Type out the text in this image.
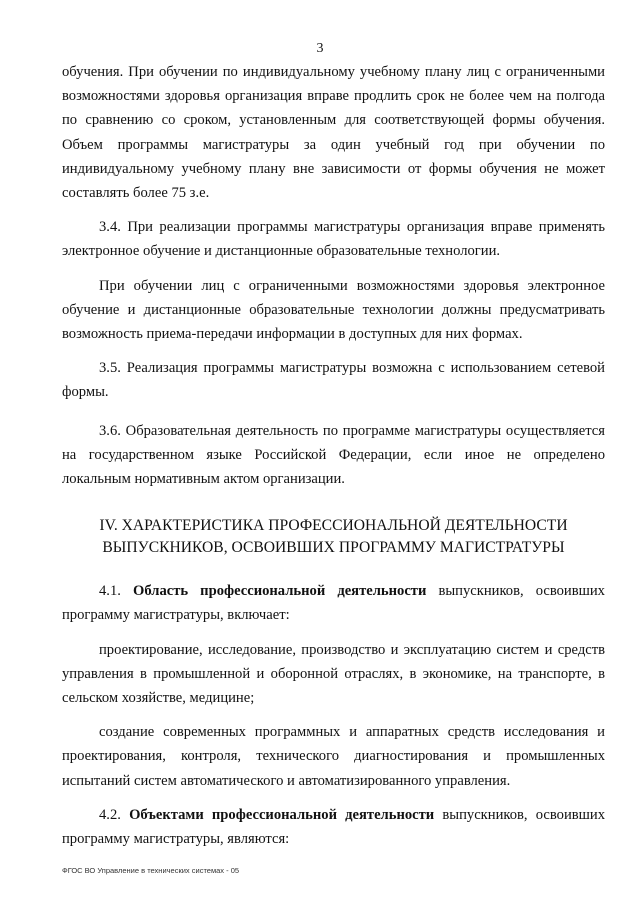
3

обучения. При обучении по индивидуальному учебному плану лиц с ограниченными возможностями здоровья организация вправе продлить срок не более чем на полгода по сравнению со сроком, установленным для соответствующей формы обучения. Объем программы магистратуры за один учебный год при обучении по индивидуальному учебному плану вне зависимости от формы обучения не может составлять более 75 з.е.

3.4. При реализации программы магистратуры организация вправе применять электронное обучение и дистанционные образовательные технологии.

При обучении лиц с ограниченными возможностями здоровья электронное обучение и дистанционные образовательные технологии должны предусматривать возможность приема-передачи информации в доступных для них формах.

3.5. Реализация программы магистратуры возможна с использованием сетевой формы.

3.6. Образовательная деятельность по программе магистратуры осуществляется на государственном языке Российской Федерации, если иное не определено локальным нормативным актом организации.

IV. ХАРАКТЕРИСТИКА ПРОФЕССИОНАЛЬНОЙ ДЕЯТЕЛЬНОСТИ
ВЫПУСКНИКОВ, ОСВОИВШИХ ПРОГРАММУ МАГИСТРАТУРЫ

4.1. Область профессиональной деятельности выпускников, освоивших программу магистратуры, включает:

проектирование, исследование, производство и эксплуатацию систем и средств управления в промышленной и оборонной отраслях, в экономике, на транспорте, в сельском хозяйстве, медицине;

создание современных программных и аппаратных средств исследования и проектирования, контроля, технического диагностирования и промышленных испытаний систем автоматического и автоматизированного управления.

4.2. Объектами профессиональной деятельности выпускников, освоивших программу магистратуры, являются:

ФГОС ВО Управление в технических системах - 05
